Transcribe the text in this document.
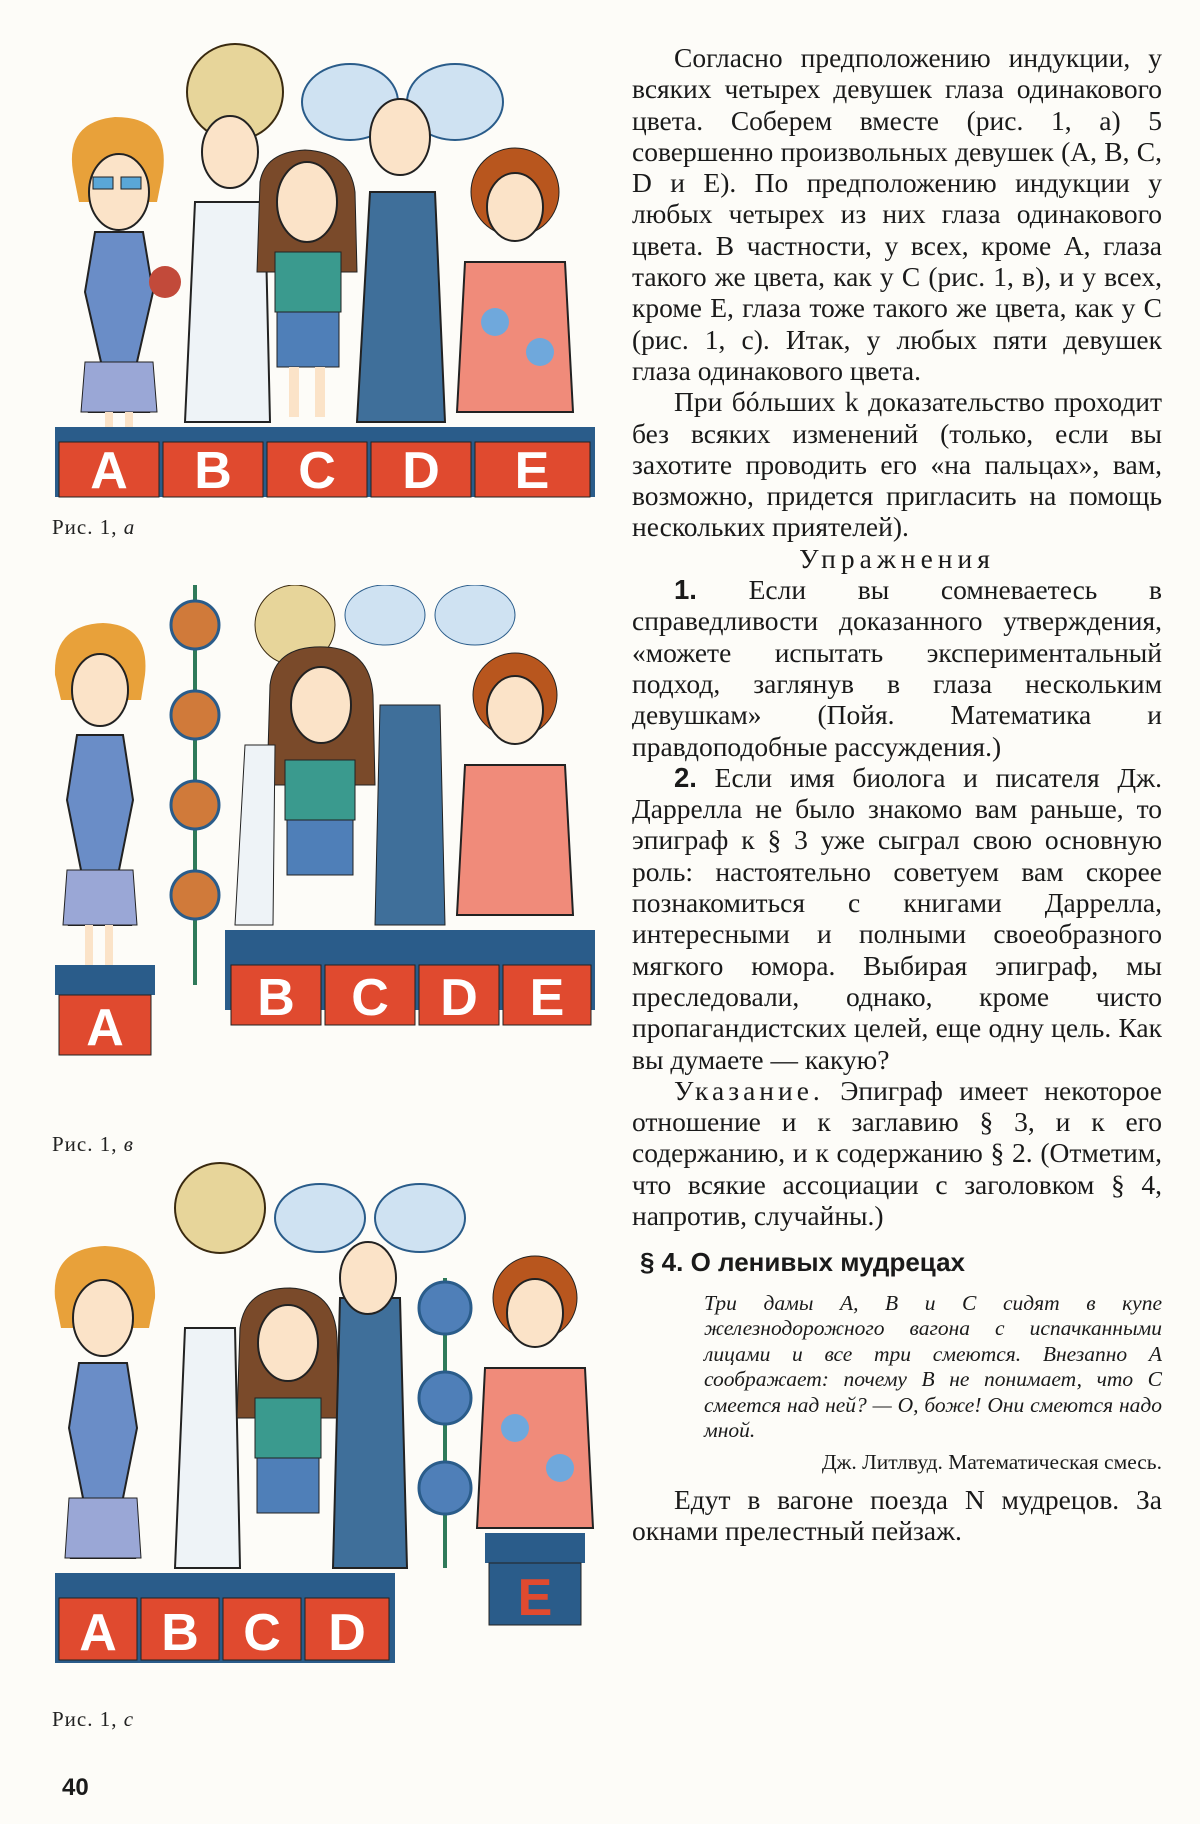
A B C D E
Рис. 1, а
A
B C D E
Рис. 1, в
A B C D
E
Рис. 1, с

Согласно предположению индукции, у всяких четырех девушек глаза одинакового цвета. Соберем вместе (рис. 1, а) 5 совершенно произвольных девушек (A, B, C, D и E). По предположению индукции у любых четырех из них глаза одинакового цвета. В частности, у всех, кроме A, глаза такого же цвета, как у C (рис. 1, в), и у всех, кроме E, глаза тоже такого же цвета, как у C (рис. 1, с). Итак, у любых пяти девушек глаза одинакового цвета.

При бóльших k доказательство проходит без всяких изменений (только, если вы захотите проводить его «на пальцах», вам, возможно, придется пригласить на помощь нескольких приятелей).

Упражнения

1. Если вы сомневаетесь в справедливости доказанного утверждения, «можете испытать экспериментальный подход, заглянув в глаза нескольким девушкам» (Пойя. Математика и правдоподобные рассуждения.)

2. Если имя биолога и писателя Дж. Даррелла не было знакомо вам раньше, то эпиграф к § 3 уже сыграл свою основную роль: настоятельно советуем вам скорее познакомиться с книгами Даррелла, интересными и полными своеобразного мягкого юмора. Выбирая эпиграф, мы преследовали, однако, кроме чисто пропагандистских целей, еще одну цель. Как вы думаете — какую?

Указание. Эпиграф имеет некоторое отношение и к заглавию § 3, и к его содержанию, и к содержанию § 2. (Отметим, что всякие ассоциации с заголовком § 4, напротив, случайны.)

§ 4. О ленивых мудрецах

Три дамы A, B и C сидят в купе железнодорожного вагона с испачканными лицами и все три смеются. Внезапно A соображает: почему B не понимает, что C смеется над ней? — О, боже! Они смеются надо мной.

Дж. Литлвуд. Математическая смесь.

Едут в вагоне поезда N мудрецов. За окнами прелестный пейзаж.

40
